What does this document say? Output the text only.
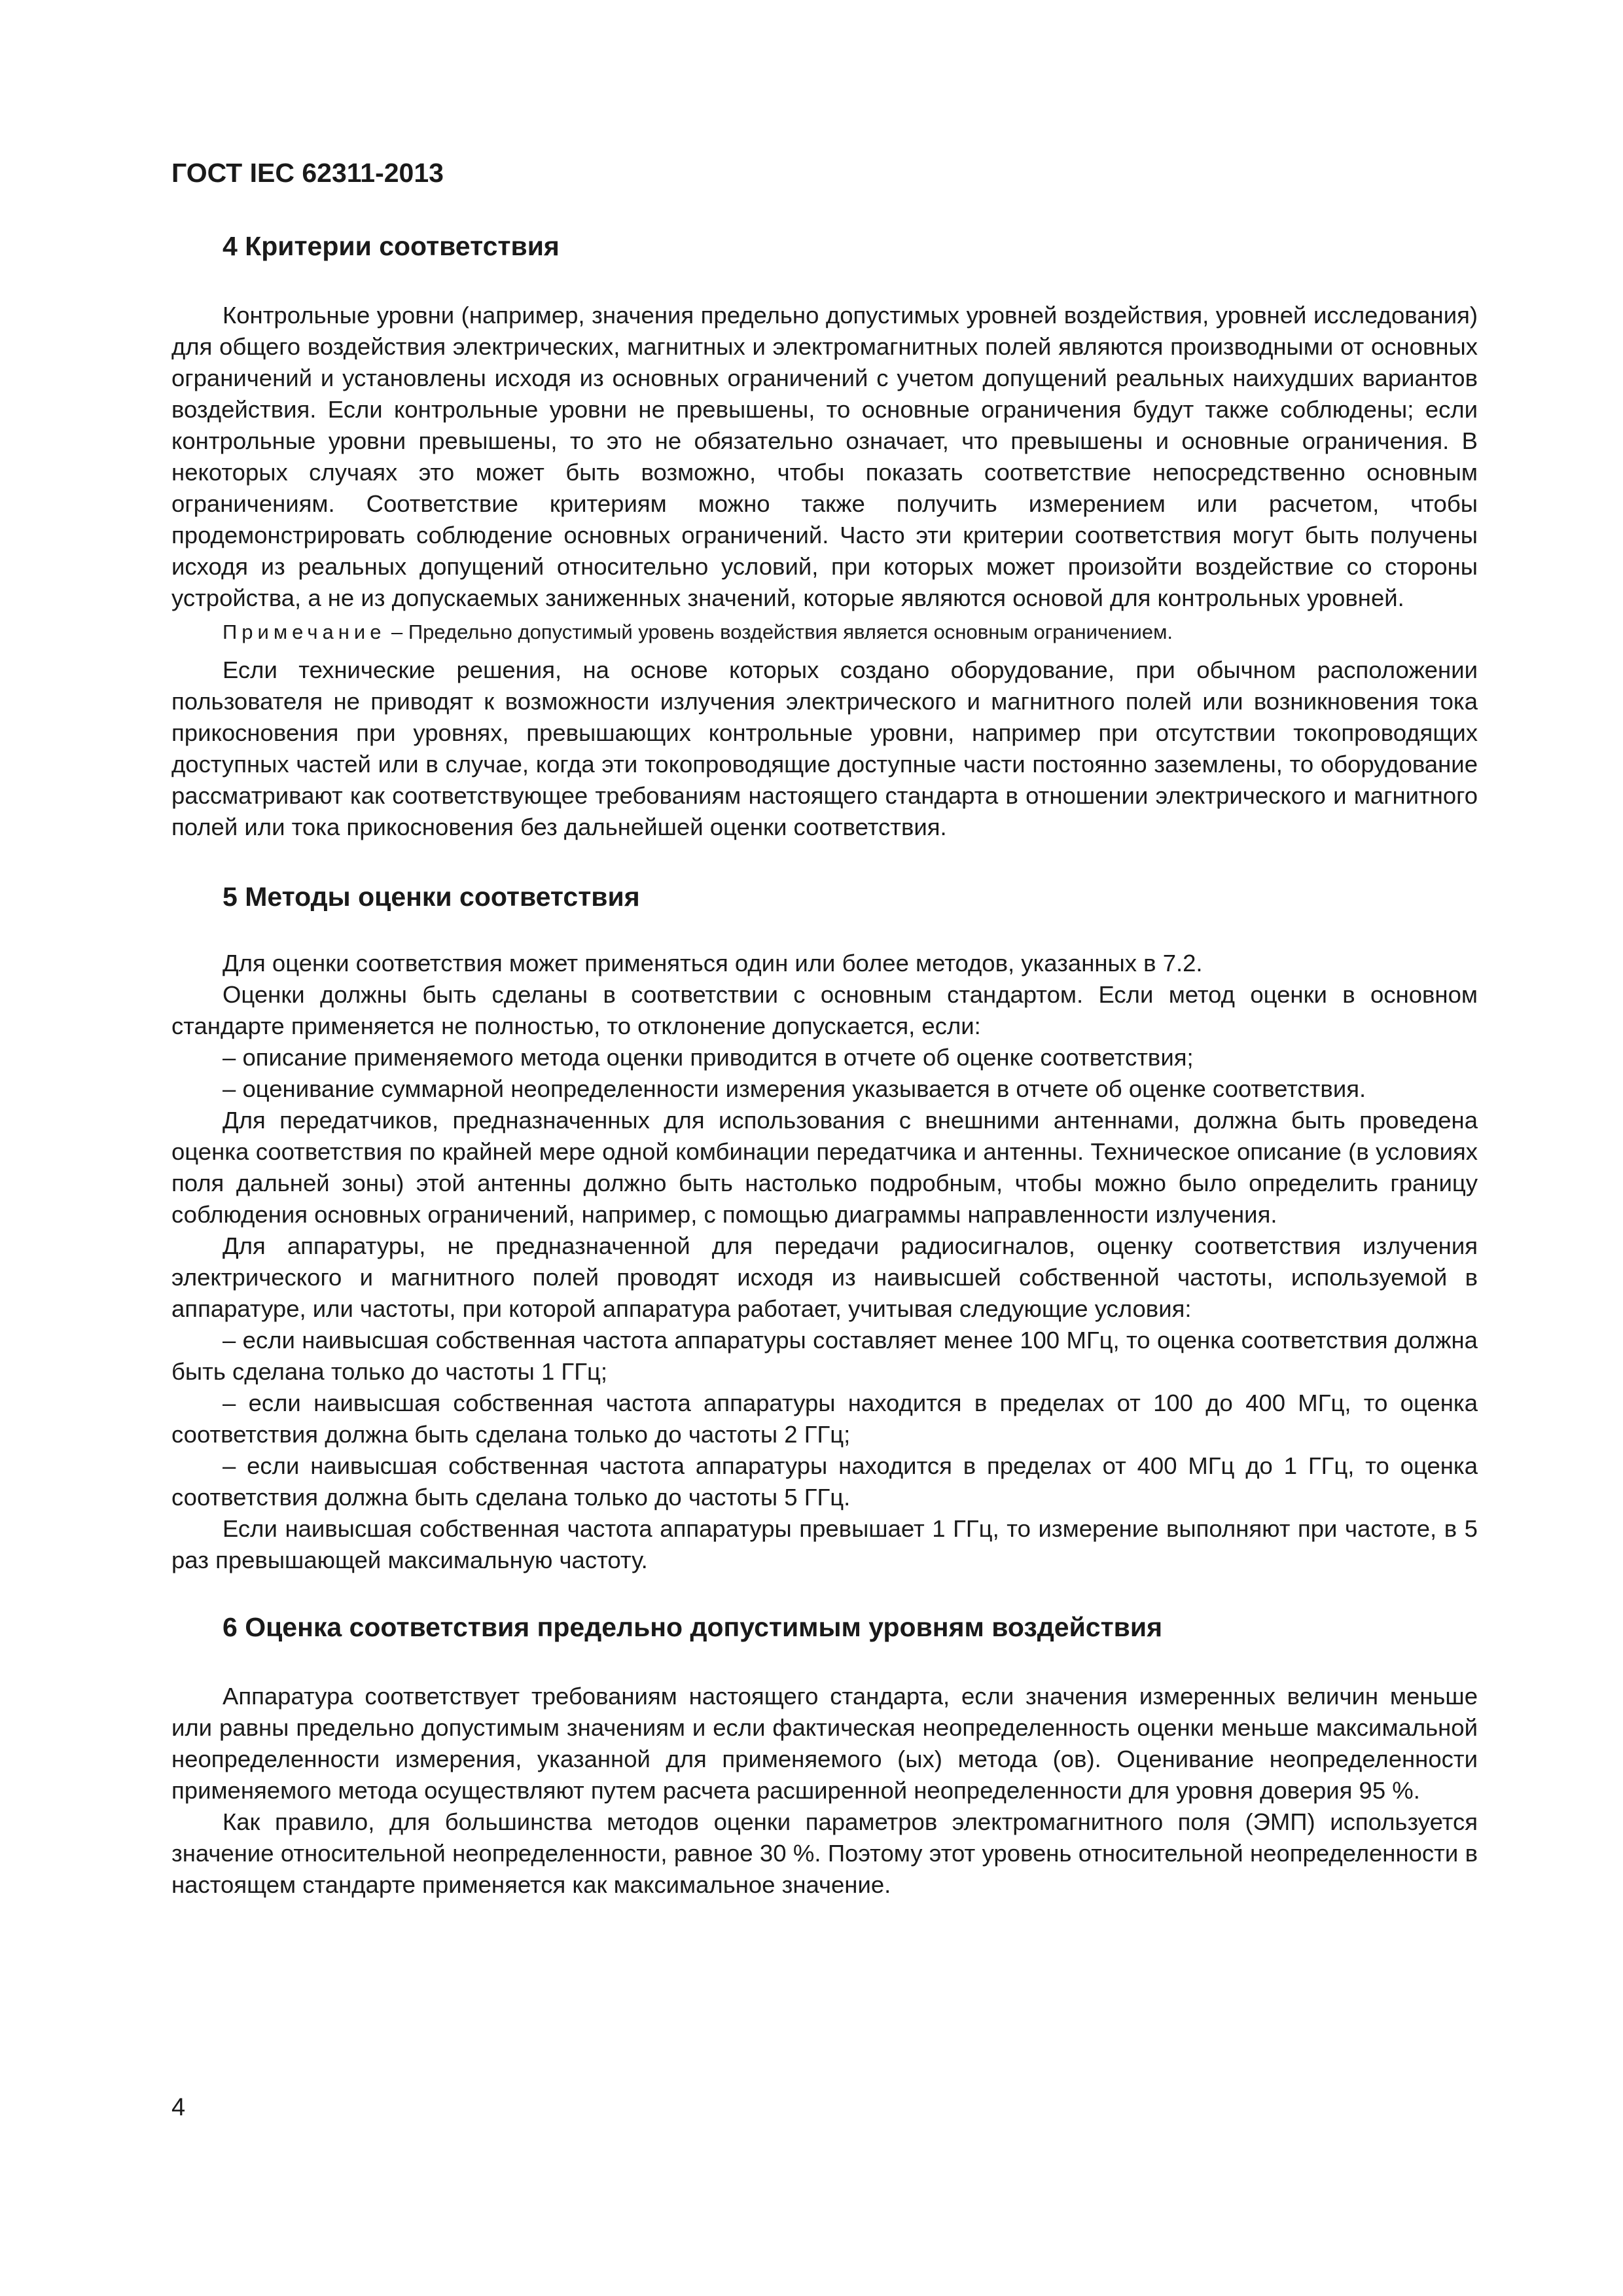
ГОСТ IEC 62311-2013
4 Критерии соответствия

Контрольные уровни (например, значения предельно допустимых уровней воздействия, уровней исследования) для общего воздействия электрических, магнитных и электромагнитных полей являются производными от основных ограничений и установлены исходя из основных ограничений с учетом допущений реальных наихудших вариантов воздействия. Если контрольные уровни не превышены, то основные ограничения будут также соблюдены; если контрольные уровни превышены, то это не обязательно означает, что превышены и основные ограничения. В некоторых случаях это может быть возможно, чтобы показать соответствие непосредственно основным ограничениям. Соответствие критериям можно также получить измерением или расчетом, чтобы продемонстрировать соблюдение основных ограничений. Часто эти критерии соответствия могут быть получены исходя из реальных допущений относительно условий, при которых может произойти воздействие со стороны устройства, а не из допускаемых заниженных значений, которые являются основой для контрольных уровней.

Примечание – Предельно допустимый уровень воздействия является основным ограничением.

Если технические решения, на основе которых создано оборудование, при обычном расположении пользователя не приводят к возможности излучения электрического и магнитного полей или возникновения тока прикосновения при уровнях, превышающих контрольные уровни, например при отсутствии токопроводящих доступных частей или в случае, когда эти токопроводящие доступные части постоянно заземлены, то оборудование рассматривают как соответствующее требованиям настоящего стандарта в отношении электрического и магнитного полей или тока прикосновения без дальнейшей оценки соответствия.

5 Методы оценки соответствия

Для оценки соответствия может применяться один или более методов, указанных в 7.2.

Оценки должны быть сделаны в соответствии с основным стандартом. Если метод оценки в основном стандарте применяется не полностью, то отклонение допускается, если:

– описание применяемого метода оценки приводится в отчете об оценке соответствия;

– оценивание суммарной неопределенности измерения указывается в отчете об оценке соответствия.

Для передатчиков, предназначенных для использования с внешними антеннами, должна быть проведена оценка соответствия по крайней мере одной комбинации передатчика и антенны. Техническое описание (в условиях поля дальней зоны) этой антенны должно быть настолько подробным, чтобы можно было определить границу соблюдения основных ограничений, например, с помощью диаграммы направленности излучения.

Для аппаратуры, не предназначенной для передачи радиосигналов, оценку соответствия излучения электрического и магнитного полей проводят исходя из наивысшей собственной частоты, используемой в аппаратуре, или частоты, при которой аппаратура работает, учитывая следующие условия:

– если наивысшая собственная частота аппаратуры составляет менее 100 МГц, то оценка соответствия должна быть сделана только до частоты 1 ГГц;

– если наивысшая собственная частота аппаратуры находится в пределах от 100 до 400 МГц, то оценка соответствия должна быть сделана только до частоты 2 ГГц;

– если наивысшая собственная частота аппаратуры находится в пределах от 400 МГц до 1 ГГц, то оценка соответствия должна быть сделана только до частоты 5 ГГц.

Если наивысшая собственная частота аппаратуры превышает 1 ГГц, то измерение выполняют при частоте, в 5 раз превышающей максимальную частоту.

6 Оценка соответствия предельно допустимым уровням воздействия

Аппаратура соответствует требованиям настоящего стандарта, если значения измеренных величин меньше или равны предельно допустимым значениям и если фактическая неопределенность оценки меньше максимальной неопределенности измерения, указанной для применяемого (ых) метода (ов). Оценивание неопределенности применяемого метода осуществляют путем расчета расширенной неопределенности для уровня доверия 95 %.

Как правило, для большинства методов оценки параметров электромагнитного поля (ЭМП) используется значение относительной неопределенности, равное 30 %. Поэтому этот уровень относительной неопределенности в настоящем стандарте применяется как максимальное значение.

4
